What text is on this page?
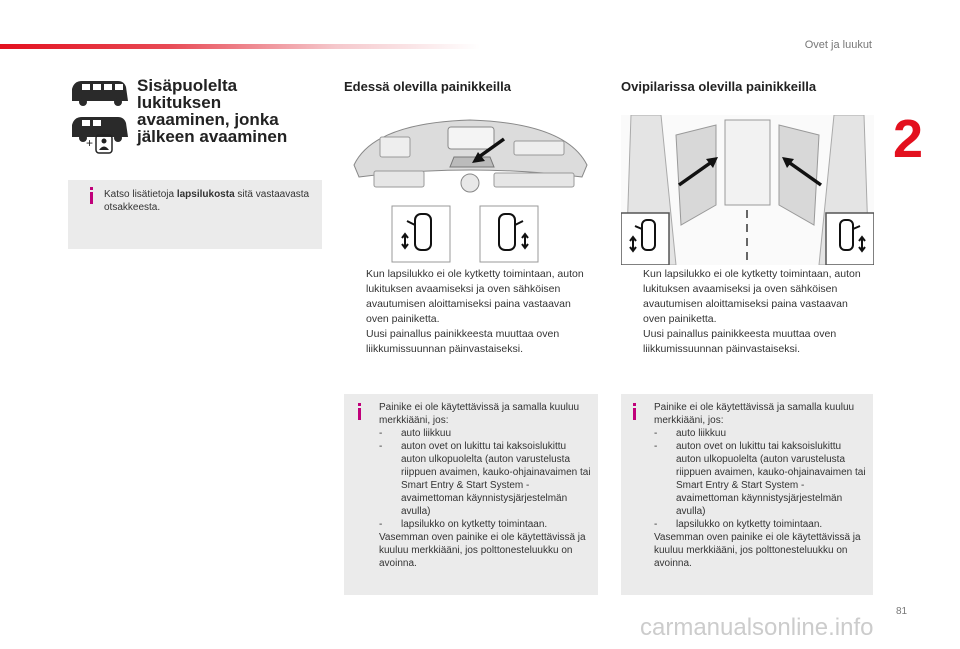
Ovet ja luukut
2
+
Sisäpuolelta lukituksen avaaminen, jonka jälkeen avaaminen
Katso lisätietoja lapsilukosta sitä vastaavasta otsakkeesta.
Edessä olevilla painikkeilla
Kun lapsilukko ei ole kytketty toimintaan, auton lukituksen avaamiseksi ja oven sähköisen avautumisen aloittamiseksi paina vastaavan oven painiketta.
Uusi painallus painikkeesta muuttaa oven liikkumissuunnan päinvastaiseksi.
Painike ei ole käytettävissä ja samalla kuuluu merkkiääni, jos:
- auto liikkuu
- auton ovet on lukittu tai kaksoislukittu auton ulkopuolelta (auton varustelusta riippuen avaimen, kauko-ohjainavaimen tai Smart Entry & Start System -avaimettoman käynnistysjärjestelmän avulla)
- lapsilukko on kytketty toimintaan.
Vasemman oven painike ei ole käytettävissä ja kuuluu merkkiääni, jos polttonesteluukku on avoinna.
Ovipilarissa olevilla painikkeilla
Kun lapsilukko ei ole kytketty toimintaan, auton lukituksen avaamiseksi ja oven sähköisen avautumisen aloittamiseksi paina vastaavan oven painiketta.
Uusi painallus painikkeesta muuttaa oven liikkumissuunnan päinvastaiseksi.
Painike ei ole käytettävissä ja samalla kuuluu merkkiääni, jos:
- auto liikkuu
- auton ovet on lukittu tai kaksoislukittu auton ulkopuolelta (auton varustelusta riippuen avaimen, kauko-ohjainavaimen tai Smart Entry & Start System -avaimettoman käynnistysjärjestelmän avulla)
- lapsilukko on kytketty toimintaan.
Vasemman oven painike ei ole käytettävissä ja kuuluu merkkiääni, jos polttonesteluukku on avoinna.
81
carmanualsonline.info
